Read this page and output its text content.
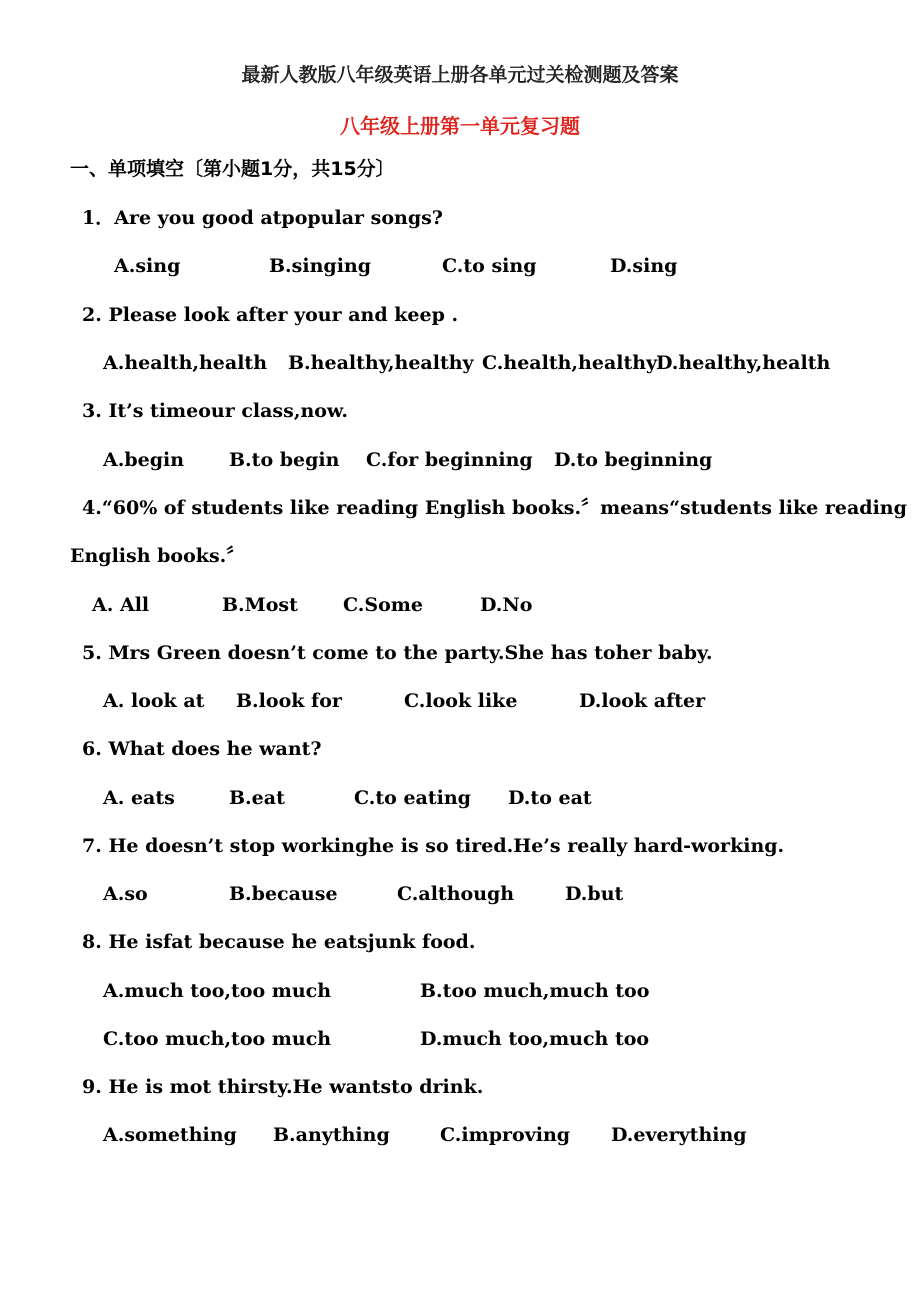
最新人教版八年级英语上册各单元过关检测题及答案
八年级上册第一单元复习题
一、单项填空〔第小题1分，共15分〕
1．Are you good atpopular songs?
A.sing	B.singing	C.to sing	D.sing
2. Please look after your and keep .
A.health,health B.healthy,healthy C.health,healthy
D.healthy,health
3. It’s timeour class,now.
A.begin B.to begin C.for beginning D.to beginning
4.“60% of students like reading English books.〞means“students like reading
English books.〞
A. All	B.Most C.Some	D.No
5. Mrs Green doesn’t come to the party.She has toher baby.
A. look at B.look for	C.look like	D.look after
6. What does he want?
A. eats	B.eat	C.to eating D.to eat
7. He doesn’t stop workinghe is so tired.He’s really hard-working.
A.so	B.because	C.although	D.but
8. He isfat because he eatsjunk food.
A.much too,too much	B.too much,much too
C.too much,too much	D.much too,much too
9. He is mot thirsty.He wantsto drink.
A.something B.anything	C.improving D.everything
